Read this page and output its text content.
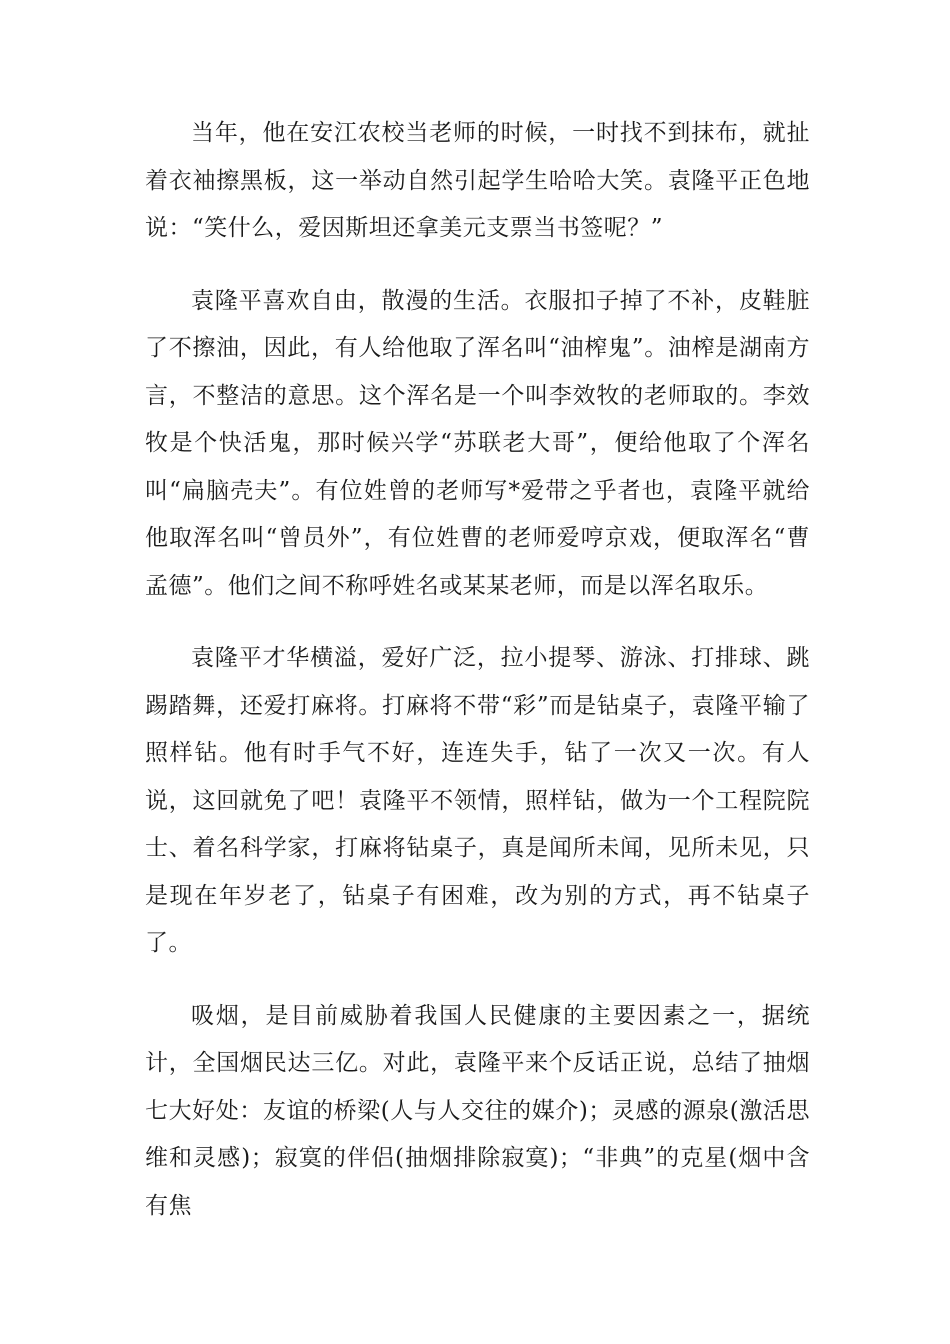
当年，他在安江农校当老师的时候，一时找不到抹布，就扯着衣袖擦黑板，这一举动自然引起学生哈哈大笑。袁隆平正色地说：“笑什么，爱因斯坦还拿美元支票当书签呢？”

袁隆平喜欢自由，散漫的生活。衣服扣子掉了不补，皮鞋脏了不擦油，因此，有人给他取了浑名叫“油榨鬼”。油榨是湖南方言，不整洁的意思。这个浑名是一个叫李效牧的老师取的。李效牧是个快活鬼，那时候兴学“苏联老大哥”，便给他取了个浑名叫“扁脑壳夫”。有位姓曾的老师写*爱带之乎者也，袁隆平就给他取浑名叫“曾员外”，有位姓曹的老师爱哼京戏，便取浑名“曹孟德”。他们之间不称呼姓名或某某老师，而是以浑名取乐。

袁隆平才华横溢，爱好广泛，拉小提琴、游泳、打排球、跳踢踏舞，还爱打麻将。打麻将不带“彩”而是钻桌子，袁隆平输了照样钻。他有时手气不好，连连失手，钻了一次又一次。有人说，这回就免了吧！袁隆平不领情，照样钻，做为一个工程院院士、着名科学家，打麻将钻桌子，真是闻所未闻，见所未见，只是现在年岁老了，钻桌子有困难，改为别的方式，再不钻桌子了。

吸烟，是目前威胁着我国人民健康的主要因素之一，据统计，全国烟民达三亿。对此，袁隆平来个反话正说，总结了抽烟七大好处：友谊的桥梁(人与人交往的媒介)；灵感的源泉(激活思维和灵感)；寂寞的伴侣(抽烟排除寂寞)；“非典”的克星(烟中含有焦
